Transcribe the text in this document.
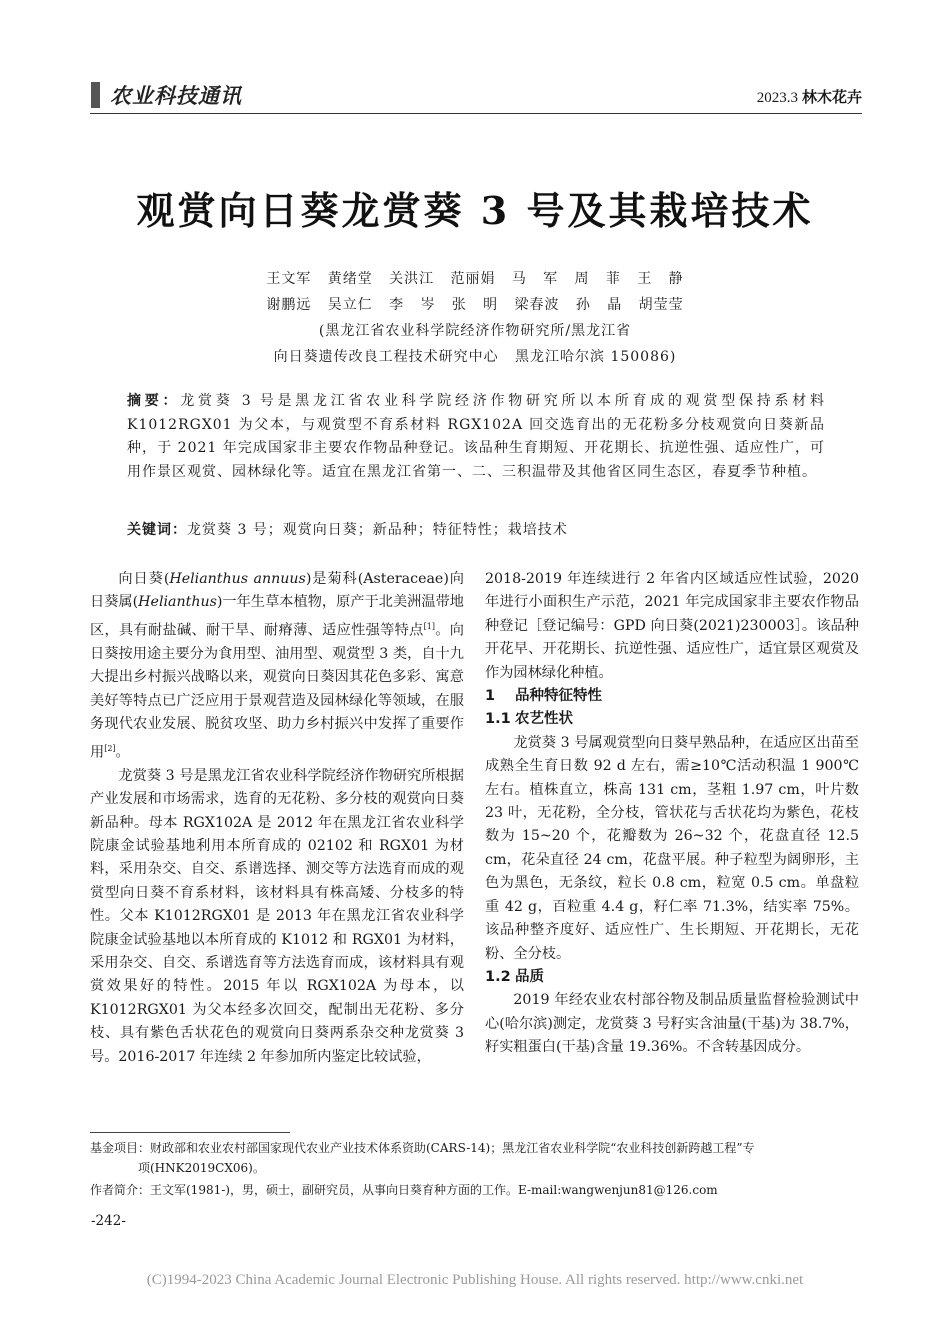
农业科技通讯	2023.3 林木花卉
观赏向日葵龙赏葵 3 号及其栽培技术
王文军   黄绪堂   关洪江   范丽娟   马   军   周   菲   王   静
谢鹏远   吴立仁   李   岑   张   明   梁春波   孙   晶   胡莹莹
(黑龙江省农业科学院经济作物研究所/黑龙江省
向日葵遗传改良工程技术研究中心   黑龙江哈尔滨 150086)
摘要：龙赏葵 3 号是黑龙江省农业科学院经济作物研究所以本所育成的观赏型保持系材料 K1012RGX01 为父本，与观赏型不育系材料 RGX102A 回交选育出的无花粉多分枝观赏向日葵新品种，于 2021 年完成国家非主要农作物品种登记。该品种生育期短、开花期长、抗逆性强、适应性广，可用作景区观赏、园林绿化等。适宜在黑龙江省第一、二、三积温带及其他省区同生态区，春夏季节种植。
关键词：龙赏葵 3 号；观赏向日葵；新品种；特征特性；栽培技术

向日葵(Helianthus annuus)是菊科(Asteraceae)向日葵属(Helianthus)一年生草本植物，原产于北美洲温带地区，具有耐盐碱、耐干旱、耐瘠薄、适应性强等特点[1]。向日葵按用途主要分为食用型、油用型、观赏型 3 类，自十九大提出乡村振兴战略以来，观赏向日葵因其花色多彩、寓意美好等特点已广泛应用于景观营造及园林绿化等领域，在服务现代农业发展、脱贫攻坚、助力乡村振兴中发挥了重要作用[2]。

龙赏葵 3 号是黑龙江省农业科学院经济作物研究所根据产业发展和市场需求，选育的无花粉、多分枝的观赏向日葵新品种。母本 RGX102A 是 2012 年在黑龙江省农业科学院康金试验基地利用本所育成的 02102 和 RGX01 为材料，采用杂交、自交、系谱选择、测交等方法选育而成的观赏型向日葵不育系材料，该材料具有株高矮、分枝多的特性。父本 K1012RGX01 是 2013 年在黑龙江省农业科学院康金试验基地以本所育成的 K1012 和 RGX01 为材料，采用杂交、自交、系谱选育等方法选育而成，该材料具有观赏效果好的特性。2015 年以 RGX102A 为母本，以 K1012RGX01 为父本经多次回交，配制出无花粉、多分枝、具有紫色舌状花色的观赏向日葵两系杂交种龙赏葵 3 号。2016-2017 年连续 2 年参加所内鉴定比较试验，

2018-2019 年连续进行 2 年省内区域适应性试验，2020 年进行小面积生产示范，2021 年完成国家非主要农作物品种登记［登记编号：GPD 向日葵(2021)230003］。该品种开花早、开花期长、抗逆性强、适应性广，适宜景区观赏及作为园林绿化种植。

1 品种特征特性
1.1 农艺性状

龙赏葵 3 号属观赏型向日葵早熟品种，在适应区出苗至成熟全生育日数 92 d 左右，需≥10℃活动积温 1 900℃左右。植株直立，株高 131 cm，茎粗 1.97 cm，叶片数 23 叶，无花粉，全分枝，管状花与舌状花均为紫色，花枝数为 15~20 个，花瓣数为 26~32 个，花盘直径 12.5 cm，花朵直径 24 cm，花盘平展。种子粒型为阔卵形，主色为黑色，无条纹，粒长 0.8 cm，粒宽 0.5 cm。单盘粒重 42 g，百粒重 4.4 g，籽仁率 71.3%，结实率 75%。该品种整齐度好、适应性广、生长期短、开花期长，无花粉、全分枝。

1.2 品质

2019 年经农业农村部谷物及制品质量监督检验测试中心(哈尔滨)测定，龙赏葵 3 号籽实含油量(干基)为 38.7%，籽实粗蛋白(干基)含量 19.36%。不含转基因成分。

基金项目：财政部和农业农村部国家现代农业产业技术体系资助(CARS-14)；黑龙江省农业科学院“农业科技创新跨越工程”专
项(HNK2019CX06)。
作者简介：王文军(1981-)，男，硕士，副研究员，从事向日葵育种方面的工作。E-mail:wangwenjun81@126.com
-242-
(C)1994-2023 China Academic Journal Electronic Publishing House. All rights reserved. http://www.cnki.net
